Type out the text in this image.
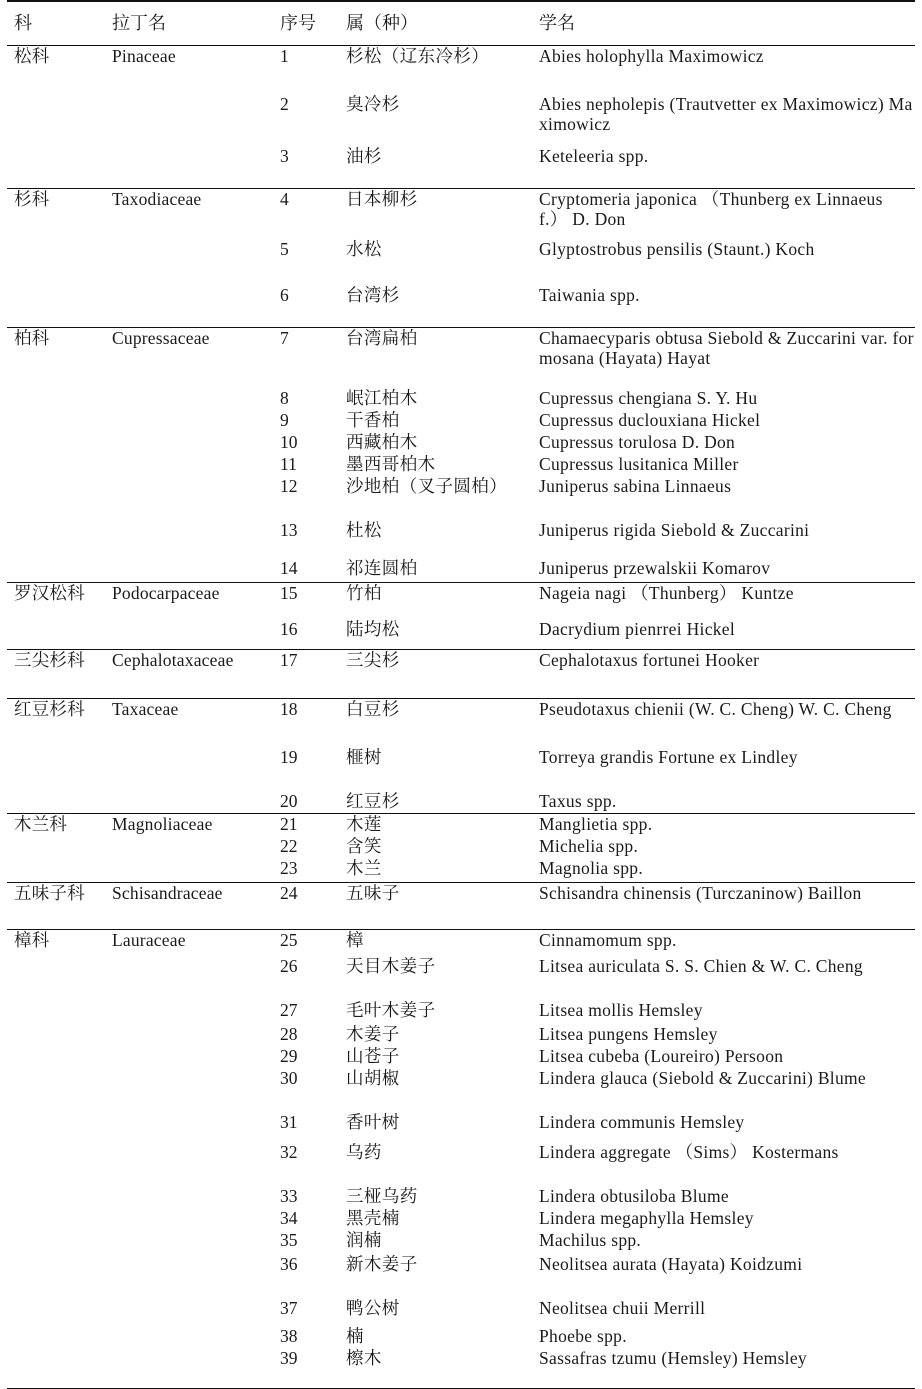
科	拉丁名	序号	属（种）	学名

松科	Pinaceae	1	杉松（辽东冷杉）	Abies holophylla Maximowicz

		2	臭冷杉	Abies nepholepis (Trautvetter ex Maximowicz) Maximowicz

		3	油杉	Keteleeria spp.

杉科	Taxodiaceae	4	日本柳杉	Cryptomeria japonica （Thunberg ex Linnaeus f.） D. Don

		5	水松	Glyptostrobus pensilis (Staunt.) Koch

		6	台湾杉	Taiwania spp.

柏科	Cupressaceae	7	台湾扁柏	Chamaecyparis obtusa Siebold & Zuccarini var. formosana (Hayata) Hayat

		8	岷江柏木	Cupressus chengiana S. Y. Hu

		9	干香柏	Cupressus duclouxiana Hickel

		10	西藏柏木	Cupressus torulosa D. Don

		11	墨西哥柏木	Cupressus lusitanica Miller

		12	沙地柏（叉子圆柏）	Juniperus sabina Linnaeus

		13	杜松	Juniperus rigida Siebold & Zuccarini

		14	祁连圆柏	Juniperus przewalskii Komarov

罗汉松科	Podocarpaceae	15	竹柏	Nageia nagi （Thunberg） Kuntze

		16	陆均松	Dacrydium pienrrei Hickel

三尖杉科	Cephalotaxaceae	17	三尖杉	Cephalotaxus fortunei Hooker

红豆杉科	Taxaceae	18	白豆杉	Pseudotaxus chienii (W. C. Cheng) W. C. Cheng

		19	榧树	Torreya grandis Fortune ex Lindley

		20	红豆杉	Taxus spp.

木兰科	Magnoliaceae	21	木莲	Manglietia spp.

		22	含笑	Michelia spp.

		23	木兰	Magnolia spp.

五味子科	Schisandraceae	24	五味子	Schisandra chinensis (Turczaninow) Baillon

樟科	Lauraceae	25	樟	Cinnamomum spp.

		26	天目木姜子	Litsea auriculata S. S. Chien & W. C. Cheng

		27	毛叶木姜子	Litsea mollis Hemsley

		28	木姜子	Litsea pungens Hemsley

		29	山苍子	Litsea cubeba (Loureiro) Persoon

		30	山胡椒	Lindera glauca (Siebold & Zuccarini) Blume

		31	香叶树	Lindera communis Hemsley

		32	乌药	Lindera aggregate （Sims） Kostermans

		33	三桠乌药	Lindera obtusiloba Blume

		34	黑壳楠	Lindera megaphylla Hemsley

		35	润楠	Machilus spp.

		36	新木姜子	Neolitsea aurata (Hayata) Koidzumi

		37	鸭公树	Neolitsea chuii Merrill

		38	楠	Phoebe spp.

		39	檫木	Sassafras tzumu (Hemsley) Hemsley
